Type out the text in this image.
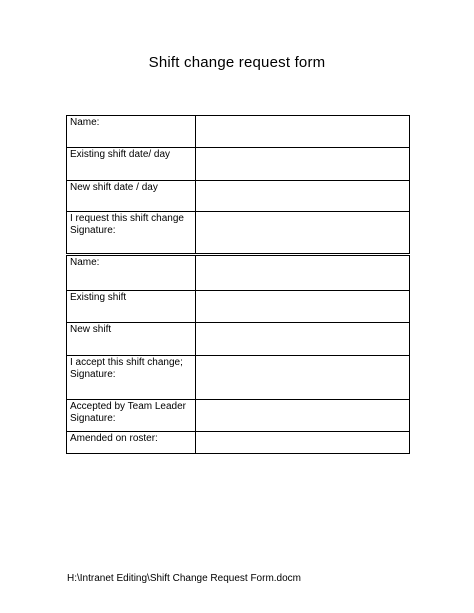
Shift change request form
Name:	

Existing shift date/ day	

New shift date / day	

I request this shift change
Signature:	

Name:	

Existing shift	

New shift	

I accept this shift change;
Signature:	

Accepted by Team Leader
Signature:	

Amended on roster:	

H:\Intranet Editing\Shift Change Request Form.docm
